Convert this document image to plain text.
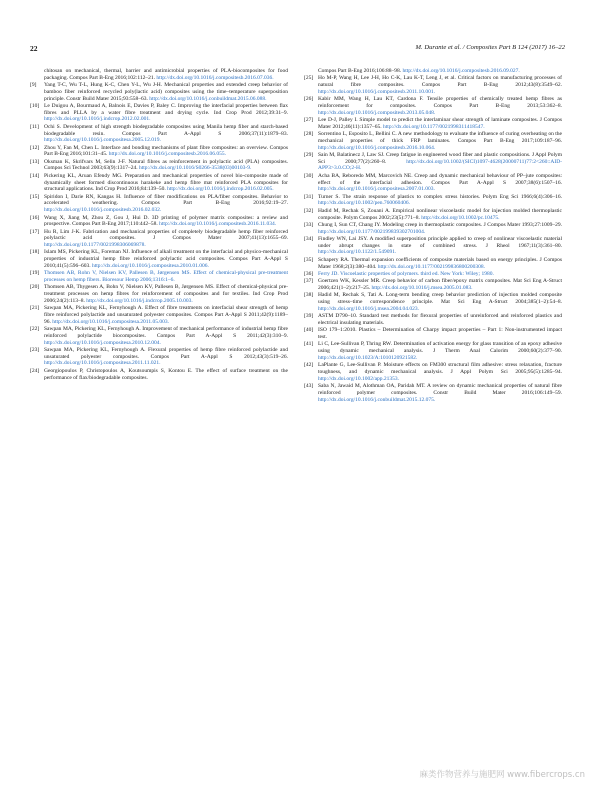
22	M. Durante et al. / Composites Part B 124 (2017) 16–22
chitosan on mechanical, thermal, barrier and antimicrobial properties of PLA-biocomposites for food packaging. Compos Part B-Eng 2016;102:112–21. http://dx.doi.org/10.1016/j.compositesb.2016.07.036.
[9] Yang T-C, Wu T-L, Hung K-C, Chen Y-L, Wu J-H. Mechanical properties and extended creep behavior of bamboo fiber reinforced recycled poly(lactic acid) composites using the time–temperature superposition principle. Constr Build Mater 2015;93:558–63. http://dx.doi.org/10.1016/j.conbuildmat.2015.06.088.
[10] Le Duigou A, Bourmaud A, Balnois E, Davies P, Baley C. Improving the interfacial properties between flax fibres and PLLA by a water fibre treatment and drying cycle. Ind Crop Prod 2012;39:31–9. http://dx.doi.org/10.1016/j.indcrop.2012.02.001.
[11] Ochi S. Development of high strength biodegradable composites using Manila hemp fiber and starch-based biodegradable resin. Compos Part A-Appl S 2006;37(11):1879–83. http://dx.doi.org/10.1016/j.compositesa.2005.12.019.
[12] Zhou Y, Fan M, Chen L. Interface and bonding mechanisms of plant fibre composites: an overview. Compos Part B-Eng 2016;101:31–45. http://dx.doi.org/10.1016/j.compositesb.2016.06.055.
[13] Oksman K, Skrifvars M, Selin J-F. Natural fibres as reinforcement in polylactic acid (PLA) composites. Compos Sci Technol 2003;63(9):1317–24. http://dx.doi.org/10.1016/S0266-3538(03)00103-9.
[14] Pickering KL, Aruan Efendy MG. Preparation and mechanical properties of novel bio-composite made of dynamically sheet formed discontinuous harakeke and hemp fibre mat reinforced PLA composites for structural applications. Ind Crop Prod 2016;84:139–50. http://dx.doi.org/10.1016/j.indcrop.2016.02.005.
[15] Spiridon I, Darie RN, Kangas H. Influence of fiber modifications on PLA/fiber composites. Behavior to accelerated weathering. Compos Part B-Eng 2016;92:19–27. http://dx.doi.org/10.1016/j.compositesb.2016.02.032.
[16] Wang X, Jiang M, Zhou Z, Gou J, Hui D. 3D printing of polymer matrix composites: a review and prospective. Compos Part B-Eng 2017;110:442–58. http://dx.doi.org/10.1016/j.compositesb.2016.11.034.
[17] Hu R, Lim J-K. Fabrication and mechanical properties of completely biodegradable hemp fiber reinforced polylactic acid composites. J Compos Mater 2007;41(13):1655–69. http://dx.doi.org/10.1177/0021998306069878.
[18] Islam MS, Pickering KL, Foreman NJ. Influence of alkali treatment on the interfacial and physico-mechanical properties of industrial hemp fibre reinforced polylactic acid composites. Compos Part A-Appl S 2010;41(5):596–603. http://dx.doi.org/10.1016/j.compositesa.2010.01.006.
[19] Thomsen AB, Rohn V, Nielsen KV, Pallesen B, Jørgensen MS. Effect of chemical-physical pre-treatment processes on hemp fibers. Bioresour Hemp 2006;1316:1–6.
[20] Thomsen AB, Thygesen A, Bohn V, Nielsen KV, Pallesen B, Jørgensen MS. Effect of chemical-physical pre-treatment processes on hemp fibres for reinforcement of composites and for textiles. Ind Crop Prod 2006;24(2):113–8. http://dx.doi.org/10.1016/j.indcrop.2005.10.003.
[21] Sawpan MA, Pickering KL, Fernyhough A. Effect of fibre treatments on interfacial shear strength of hemp fibre reinforced polylactide and unsaturated polyester composites. Compos Part A-Appl S 2011;42(9):1189–96. http://dx.doi.org/10.1016/j.compositesa.2011.05.003.
[22] Sawpan MA, Pickering KL, Fernyhough A. Improvement of mechanical performance of industrial hemp fibre reinforced polylactide biocomposites. Compos Part A-Appl S 2011;42(3):310–9. http://dx.doi.org/10.1016/j.compositesa.2010.12.004.
[23] Sawpan MA, Pickering KL, Fernyhough A. Flexural properties of hemp fibre reinforced polylactide and unsaturated polyester composites. Compos Part A-Appl S 2012;43(3):519–26. http://dx.doi.org/10.1016/j.compositesa.2011.11.021.
[24] Georgiopoulos P, Christopoulos A, Koutsoumpis S, Kontou E. The effect of surface treatment on the performance of flax/biodegradable composites.
Compos Part B-Eng 2016;106:88–98. http://dx.doi.org/10.1016/j.compositesb.2016.09.027.
[25] Ho M-P, Wang H, Lee J-H, Ho C-K, Lau K-T, Leng J, et al. Critical factors on manufacturing processes of natural fibre composites. Compos Part B-Eng 2012;43(8):3549–62. http://dx.doi.org/10.1016/j.compositesb.2011.10.001.
[26] Kabir MM, Wang H, Lau KT, Cardona F. Tensile properties of chemically treated hemp fibres as reinforcement for composites. Compos Part B-Eng 2013;53:362–8. http://dx.doi.org/10.1016/j.compositesb.2013.05.048.
[27] Lee D-J, Palley I. Simple model to predict the interlaminar shear strength of laminate composites. J Compos Mater 2012;46(11):1357–65. http://dx.doi.org/10.1177/0021998311418547.
[28] Sorrentino L, Esposito L, Bellini C. A new methodology to evaluate the influence of curing overheating on the mechanical properties of thick FRP laminates. Compos Part B-Eng 2017;109:187–96. http://dx.doi.org/10.1016/j.compositesb.2016.10.064.
[29] Sain M, Balatinecz J, Law SJ. Creep fatigue in engineered wood fiber and plastic compositions. J Appl Polym Sci 2000;77(2):260–8. http://dx.doi.org/10.1002/(SICI)1097-4628(20000711)77:2<260::AID-APP3>3.0.CO;2-H.
[30] Acha BA, Reboredo MM, Marcovich NE. Creep and dynamic mechanical behaviour of PP–jute composites: effect of the interfacial adhesion. Compos Part A-Appl S 2007;38(6):1507–16. http://dx.doi.org/10.1016/j.compositesa.2007.01.003.
[31] Turner S. The strain response of plastics to complex stress histories. Polym Eng Sci 1966;6(4):306–16. http://dx.doi.org/10.1002/pen.760060406.
[32] Hadid M, Rechak S, Zouani A. Empirical nonlinear viscoelastic model for injection molded thermoplastic composite. Polym Compos 2002;23(5):771–8. http://dx.doi.org/10.1002/pc.10475.
[33] Chung I, Sun CT, Chang IY. Modeling creep in thermoplastic composites. J Compos Mater 1993;27:1009–29. http://dx.doi.org/10.1177/002199839302701004.
[34] Findley WN, Lai JSY. A modified superposition principle applied to creep of nonlinear viscoelastic material under abrupt changes in state of combined stress. J Rheol 1967;11(3):361–80. http://dx.doi.org/10.1122/1.549091.
[35] Schapery RA. Thermal expansion coefficients of composite materials based on energy principles. J Compos Mater 1968;2(3):380–404. http://dx.doi.org/10.1177/002199836800200308.
[36] Ferry JD. Viscoelastic properties of polymers. third ed. New York: Wiley; 1980.
[37] Goertzen WK, Kessler MR. Creep behavior of carbon fiber/epoxy matrix composites. Mat Sci Eng A-Struct 2006;421(1–2):217–25. http://dx.doi.org/10.1016/j.msea.2005.01.083.
[38] Hadid M, Rechak S, Tati A. Long-term bending creep behavior prediction of injection molded composite using stress–time correspondence principle. Mat Sci Eng A-Struct 2004;385(1–2):54–8. http://dx.doi.org/10.1016/j.msea.2004.04.023.
[39] ASTM D790–10. Standard test methods for flexural properties of unreinforced and reinforced plastics and electrical insulating materials.
[40] ISO 179–1:2010. Plastics – Determination of Charpy impact properties – Part 1: Non-instrumented impact test.
[41] Li C, Lee-Sullivan P, Thring RW. Determination of activation energy for glass transition of an epoxy adhesive using dynamic mechanical analysis. J Therm Anal Calorim 2000;60(2):377–90. http://dx.doi.org/10.1023/A:1010120921582.
[42] LaPlante G, Lee-Sullivan P. Moisture effects on FM300 structural film adhesive: stress relaxation, fracture toughness, and dynamic mechanical analysis. J Appl Polym Sci 2005;95(5):1285–94. http://dx.doi.org/10.1002/app.21353.
[43] Saba N, Jawaid M, Alothman OA, Paridah MT. A review on dynamic mechanical properties of natural fibre reinforced polymer composites. Constr Build Mater 2016;106:149–59. http://dx.doi.org/10.1016/j.conbuildmat.2015.12.075.
麻类作物营养与施肥网 www.fibercrops.cn
